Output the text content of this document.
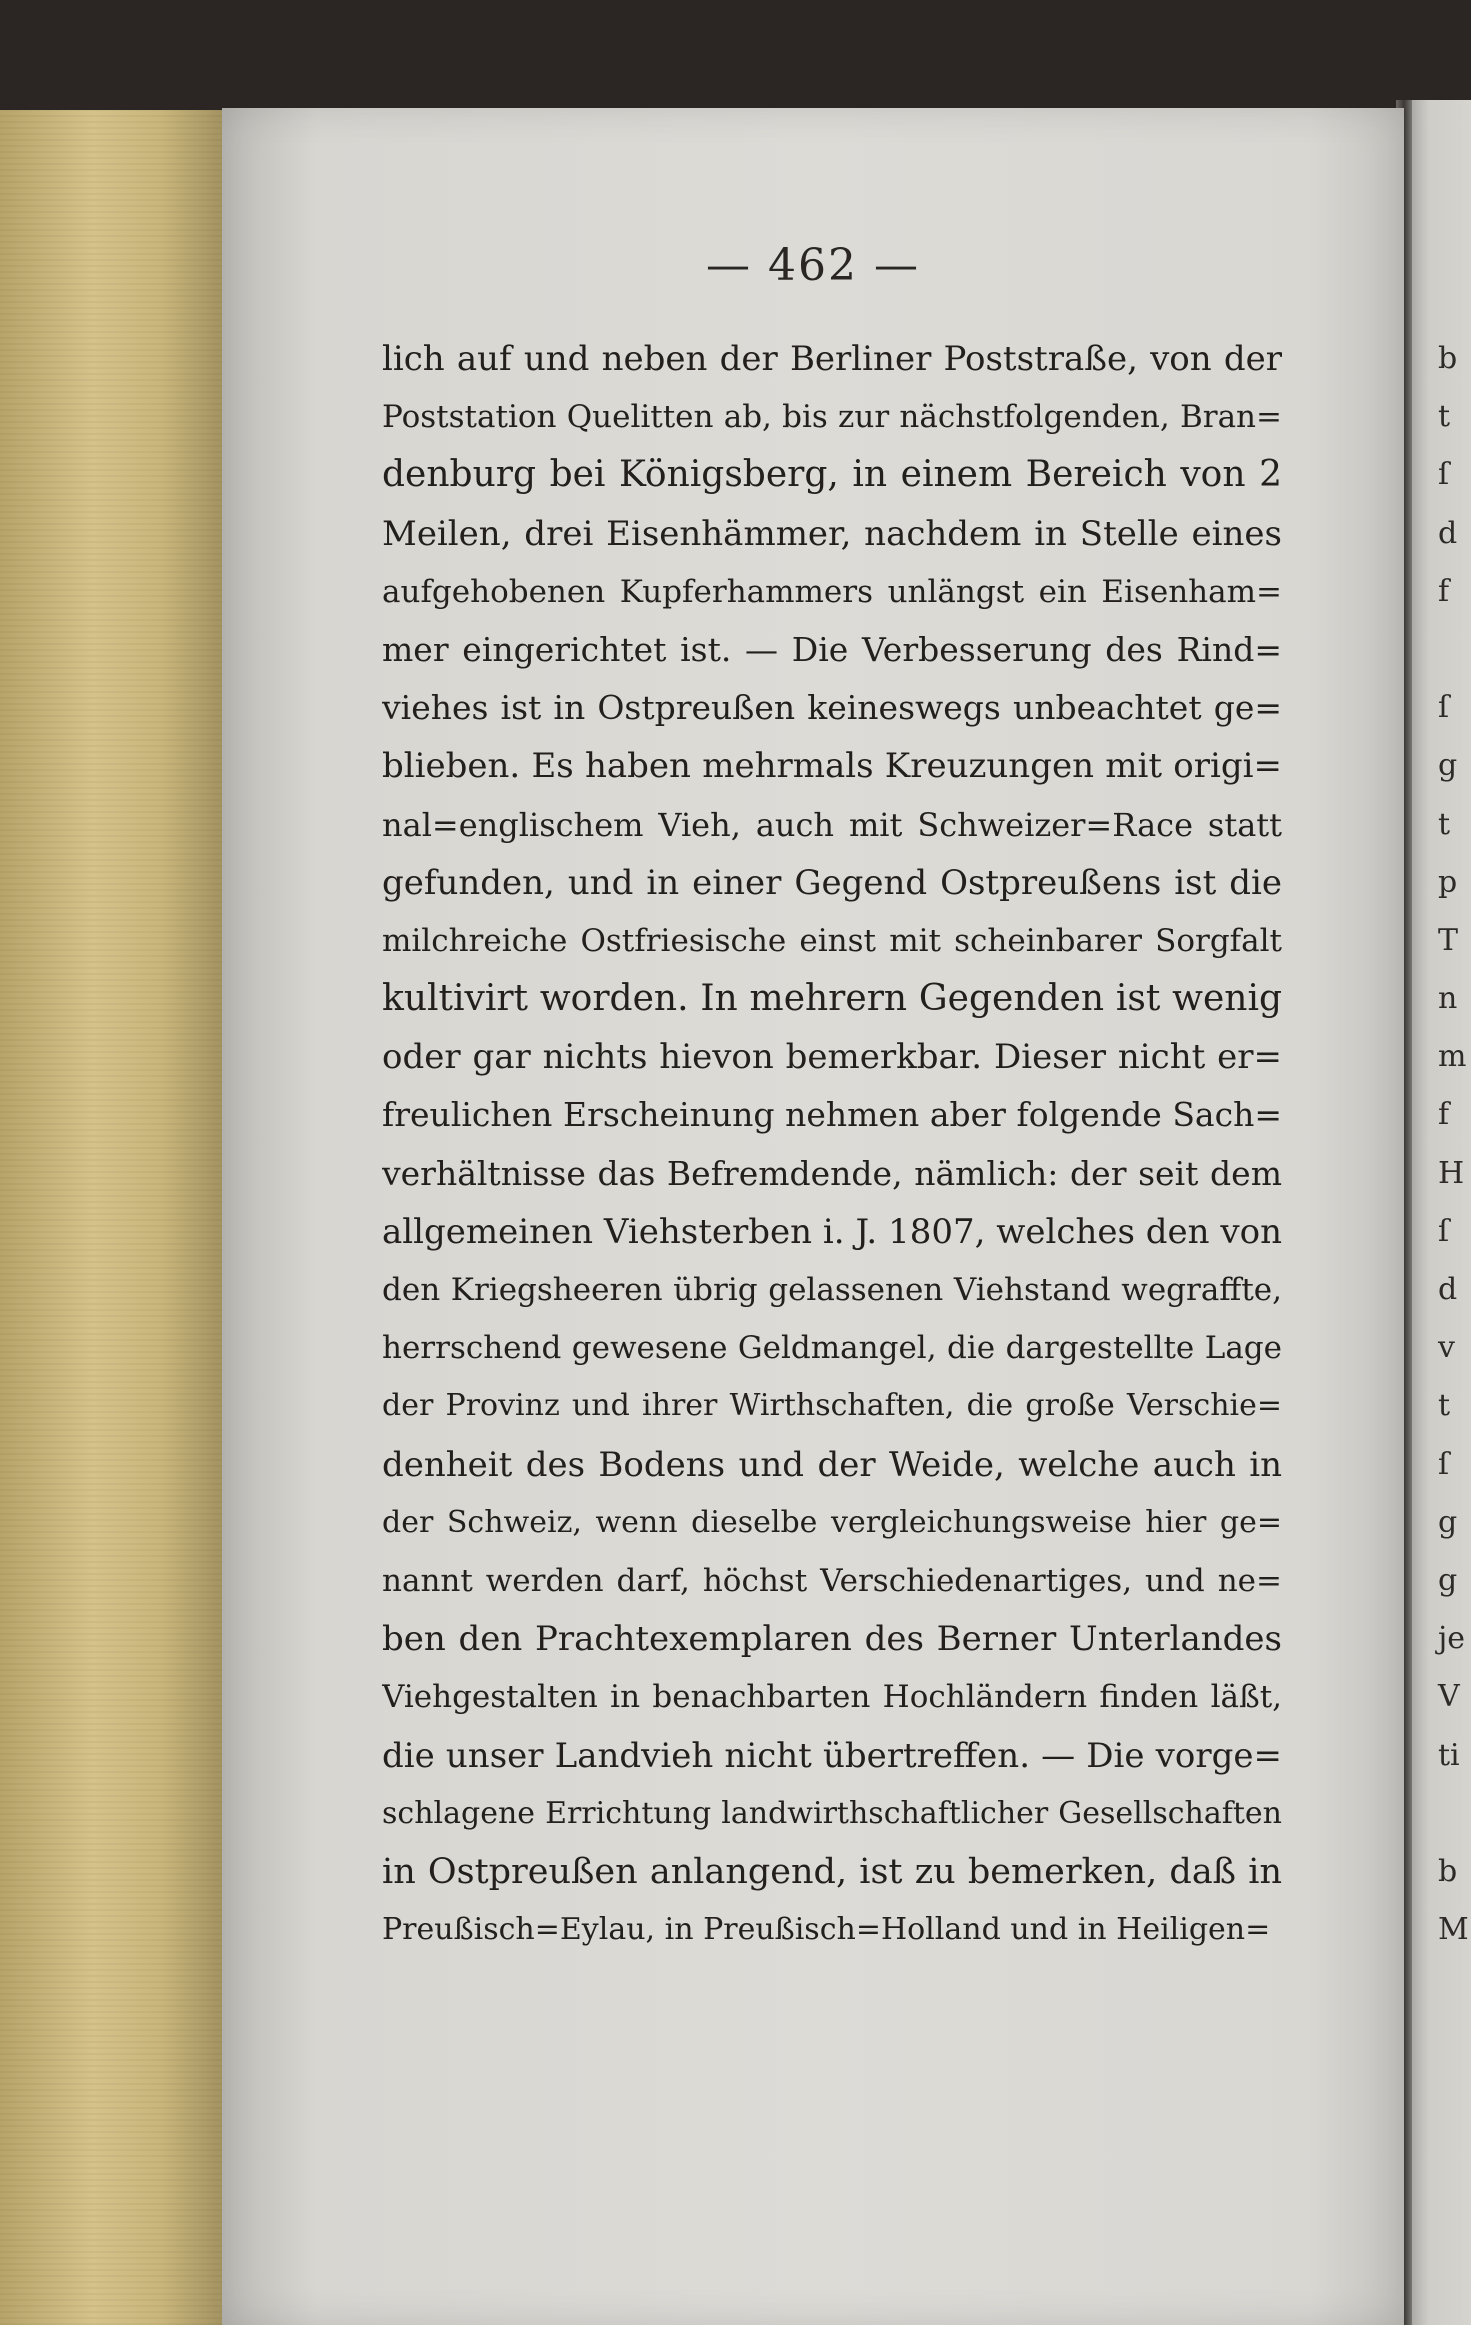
— 462 —
lich auf und neben der Berliner Poststraße, von der
Poststation Quelitten ab, bis zur nächstfolgenden, Bran=
denburg bei Königsberg, in einem Bereich von 2
Meilen, drei Eisenhämmer, nachdem in Stelle eines
aufgehobenen Kupferhammers unlängst ein Eisenham=
mer eingerichtet ist. — Die Verbesserung des Rind=
viehes ist in Ostpreußen keineswegs unbeachtet ge=
blieben. Es haben mehrmals Kreuzungen mit origi=
nal=englischem Vieh, auch mit Schweizer=Race statt
gefunden, und in einer Gegend Ostpreußens ist die
milchreiche Ostfriesische einst mit scheinbarer Sorgfalt
kultivirt worden. In mehrern Gegenden ist wenig
oder gar nichts hievon bemerkbar. Dieser nicht er=
freulichen Erscheinung nehmen aber folgende Sach=
verhältnisse das Befremdende, nämlich: der seit dem
allgemeinen Viehsterben i. J. 1807, welches den von
den Kriegsheeren übrig gelassenen Viehstand wegraffte,
herrschend gewesene Geldmangel, die dargestellte Lage
der Provinz und ihrer Wirthschaften, die große Verschie=
denheit des Bodens und der Weide, welche auch in
der Schweiz, wenn dieselbe vergleichungsweise hier ge=
nannt werden darf, höchst Verschiedenartiges, und ne=
ben den Prachtexemplaren des Berner Unterlandes
Viehgestalten in benachbarten Hochländern finden läßt,
die unser Landvieh nicht übertreffen. — Die vorge=
schlagene Errichtung landwirthschaftlicher Gesellschaften
in Ostpreußen anlangend, ist zu bemerken, daß in
Preußisch=Eylau, in Preußisch=Holland und in Heiligen=
b
t
ſ
d
f
ſ
g
t
p
T
n
m
f
H
ſ
d
v
t
ſ
g
g
je
V
ti
b
M
